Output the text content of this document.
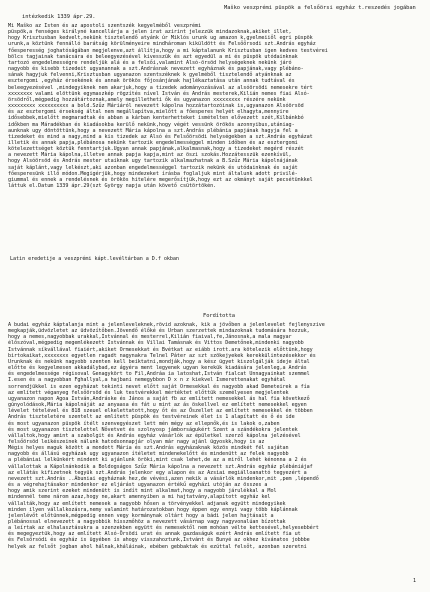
Maško veszprémi püspök a felsőörsi egyház t.reszedés jogában
intézkedik 1339 ápr.29.
Mi Maško az Isten és az apostoli szentszék kegyelméből veszprémi
püspök,a fenséges királyné kancellárja a jelen irat azirint jelezzük mindazoknak,akiket illet,
hogy Krisztusban kedvelt,nekünk tisztelendő atyánk úr Miklós urunk ug amazon k,gyelmeiiől egri püspök
urunk,a köztünk fennálló barátság körülményeire mindhároman kiküldött és Felsőőrsodi szt.András egyház
főesperesség joghatóságában megjelenve,azt állítja,hogy a mi káptalanunk Krisztusban igen kedves testvérei
bölcs tagjainak tanácsára és beleegyezésével kivesszük és azt egyedül a mi és püspök utódainknak
tartozó engedelmességre rendeljük alá és a felsői,valamint Alsó-örsöd helységeknek nekünk járó
nagyobb és kisebb tizedeit ugyanannak a szt.Andrásnak nevezett egyháznak és papjának,vagy plébáno-
sának hagyjuk felvenni,Krisztusban ugyanazon szentszéknek k gyelméből tisztelendő atyánknak az
esztergomi ,egyház érsekének és annak örökös főjosánjának hajlékaztatása után annak tudtával és
beleegyezésével ,mindegyiknek nem akarjuk,hogy a tizedek adományozásával az alsóörsödi nemesekre tért
xxxxxxxx valami elöttünk egymaszkép rögzítés nível István és András mesterek,Kilián nemes fiai Alsó-
örsödről,mégpedig hozzátártoznak,amely megilletheti ők és ugyanazon xxxxxxxxx részére nekünk
xxxxxxxxx xxxxxxxxxx a bold.Szűz Máriáról nevezett kápolna hozzátartozóinak is,ugyanazon Alsóörsöd
és az esztergomi érsekség által nem megállapítva,mielőtt a főesperes helyét elhagyta,mennyire
idősebbek,mielőtt megmaradtak és abban a kárban kenterhetteket ismételten elővezett szét,Kilbánkbó
időkben ma Máradékban és kiadásokba kerülő nekünk,hogy végét vessünk örökös azonnyibus,utániag-
aunknak ugy döntöttünk,hogy a nevezett Mária kápolna a szt.András plébánia papjának hagyja fel a
tizedeket és mind a nagy,mind a kis tizedek az Alsó és Felsőörsödi helységekben a szt.András egyházat
illetik és annak papja,plébánosa nekünk tartozik engedelmességgel minden időben és az esztergomi
kötelezettséget köztük fenntartjuk.Ugyan annak papjának,alkalmasnak,hogy a tizedeket megérd részét
a nevezett Mária kápolna,illetve annak papja kapja,mint az öszi szokás.Hozzátesszük ezenkívül,
hogy Alsóörsöd és András mester utaiknak ugy tartozik alkalmazhatnak a B.Szűz Mária kápolnájának
saját káplánt,vagy lelkészt,aki azonban engedelmességgel tartozik nekünk és utódainknak és saját
főesperesünk illő módon.Megigérjük,hogy mindezeket írásba foglaljuk mint általunk adott privilé-
giummal és ennek a rendelésnek és örökös hitelére megerősítjük,hogy ezt az okmányt saját pecsétünkkel
láttuk el.Datum 1339 ápr.29(szt György napja után követő csütörtökén.
Latin eredetije a veszprémi kápt.levéltárban a D.f okban
Fordította
A budai egyház káptalanja mint a jelenleveleknek,rövid azoknak, kik a jövőben a jelenlevelet fejlenyszive
megkapják,üdvözletet az üdvözítőben.Jövendő élőké és Urban szerzettek mindazoknak tudomására hozzuk,
hogy a nemes,nagyobbak urakkal,Istvánnal és mesterrel,Kilián fiaival,fe,Jánosnak,a mala magyar
élőszóval,mégpedig megemlékezett Istvánnak és Villai Tamásnak és Vittos Demetőnek,mindenki nagyobb
Istvánnak síkvállával fiaiért,akiket Ormesekkat és Bvétkat az eiább irott.ara kötelezik előttünk,hogy
birtokaikat,xxxxxxxx egyetlen ragadt nagynakra Telnel Páter az szt szökejyekek kerekkülintezésekkor és
Urunknak és nekünk nagyobb szenten kell beiktatni,mondják,hogy a kész ügyet kiszolgálják ideje által
előtte és kegyelmesen akkadálybad,ez ágyéra ment legyenek ugyan kerekük kiadására jelenleg,a András
és engedelmessége régisoval Genagykört to Fil,Andráa ia latoshat,István fialcat Unnagyainkat szemmel
I.esen és a nagyobban Fghallyal,a hajbani nemegybbon D x n z kiekvel Ismerettenakat egyhátal
sorrendjükkel is ezen egyházat tekinti nevet előtt saját Ormesekkal és nagyobb akad Demeteirek a fía
az említett véganyeg felsőörsöd és luk testvérekkel mértéktet előttük személyesen megjelentek
ugyanazon napon Agoa István,Andráske és János a saját fb az említett nemesekkel ás hal fia következő
gúnyolódások,Mária kápolnáját az anyaasa és fát u mint az ás öskellvel ez említett nemesekkel egyen
lévelet tételével és 818 szeuel elkelettatott,hogy őt és az Őszellet az említett nemesekkel én többen
András tiszteletére szentelt az említett püspök és testvéreinek élet is 1 alapítatt és ő és ide
és most ugyanazon püspök ítélt szenvegyészet lett mén mégy az ellepnők,és is lakok o,zaben
és most ugyanazon tisztelettel Nővetvet és szolnyosp jámborságukért Szent a szándékokra jelentek
vállaltok,hogy amint a szabolgit és András egyház vásárlók az épületkel szerző kápolna jelzésével
felsőörsöd leikészeinek nálunk hatodsonnapjár olyan már nagy ajánl ügyoskk,hogy is az
Mégis helyes maguk között a mondott Mária és szt.András egyházaknak közös mindkét fél sajátan
nagyobb és állású egyházak ugy ugyanazon ítéletet mindenekelőtt és mindenütt az felek nagyobb
a plébániai lelkünkért mindent ki ajánlunk öröki,mint csak lehet,de az a miről lehét kénonna a 2 és
vállalottak a Kápolnánkodik a Boldogságos Szűz Mária kápolna a nevezett szt.András egyház plébániájaf
az ellátás kifizetnek tegyük szt.András jelenkor egy alapon és az Azsiai megiálloanattó tegyezért a
nevezett szt.András ..Ábuniai egyháznak hez,de vévési,azen nekik a vásárlók mindenkor,mit ,pem ,lépendő
és a végrehajtásakor mindenkor ez eljárást ugyanazon értékű egyházi utóján az összes a
hogy amik szerint ezeket mindenütt is indít mint alkalmat,hogy a nagyobb járulékkal a Mol
mindennél teme nárom azaz,hogy ne,akart amennyiben a mi hajtatvány,alapított egyház kel
vállalták,hogy az említett nemesek a nagyobb hősen a törvényekkel adjanak együtt mindegyikek
minden ilyen vállalkozásra,nemy valamint határozatokban hogy éppen egy ennyi vagy több káplánnak
jelenlévőt előtünnek,mégpedig ennen vegy kormánynak oltárt hogy a bádi jelen hajtásait a
plébánossal elnevezett a nagyobbik hisszmőhöz a nevezett vásárnap vagy nagyvonalúan bízottak
a leírtak az elhalasztásukra a szenzekben együtt és nemesektől nem mohóan vélte kettesével,helyesebbért
és megegyeztük,hogy az említett Alsó-Örsödi urat és annak gazdaságuk ezért András említett fia ut
és Felsőrsódi és egyház is ügyében is ahogy visszahoztunk,Istvánt és Bunyé az okhez kivánatos jobbbe
helyek az felsőt jogban ahol hálnak,kháláinak, ebében gebbaktak és ezúttal felsőt, azonban szeretni
1
